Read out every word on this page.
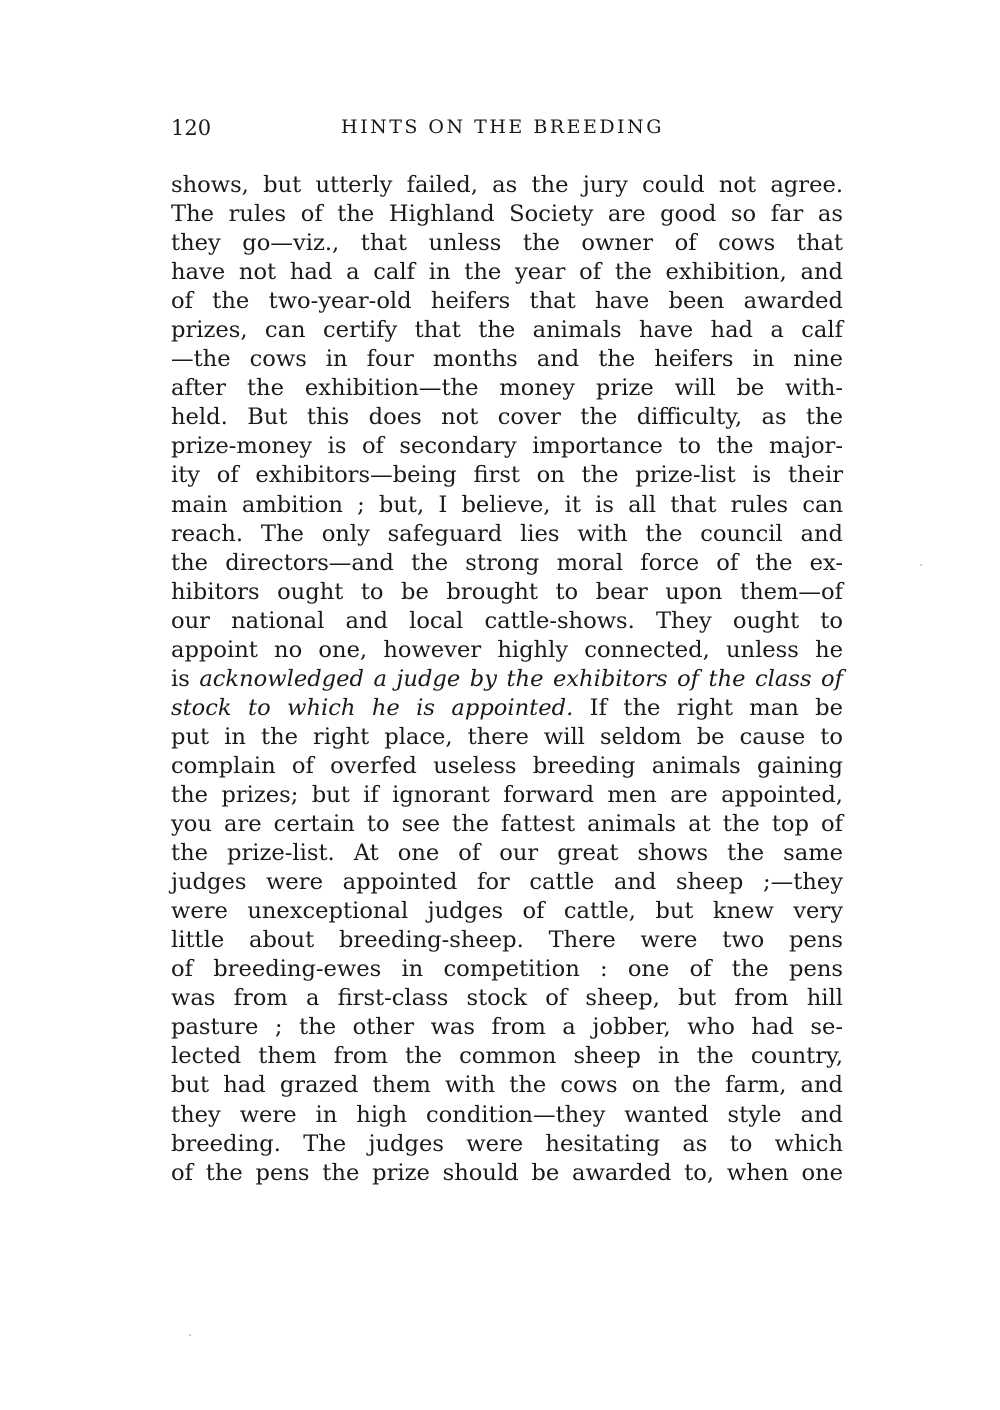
120	HINTS ON THE BREEDING
shows, but utterly failed, as the jury could not agree.
The rules of the Highland Society are good so far as
they go—viz., that unless the owner of cows that
have not had a calf in the year of the exhibition, and
of the two-year-old heifers that have been awarded
prizes, can certify that the animals have had a calf
—the cows in four months and the heifers in nine
after the exhibition—the money prize will be with-
held. But this does not cover the difficulty, as the
prize-money is of secondary importance to the major-
ity of exhibitors—being first on the prize-list is their
main ambition ; but, I believe, it is all that rules can
reach. The only safeguard lies with the council and
the directors—and the strong moral force of the ex-
hibitors ought to be brought to bear upon them—of
our national and local cattle-shows. They ought to
appoint no one, however highly connected, unless he
is acknowledged a judge by the exhibitors of the class of
stock to which he is appointed. If the right man be
put in the right place, there will seldom be cause to
complain of overfed useless breeding animals gaining
the prizes; but if ignorant forward men are appointed,
you are certain to see the fattest animals at the top of
the prize-list. At one of our great shows the same
judges were appointed for cattle and sheep ;—they
were unexceptional judges of cattle, but knew very
little about breeding-sheep. There were two pens
of breeding-ewes in competition : one of the pens
was from a first-class stock of sheep, but from hill
pasture ; the other was from a jobber, who had se-
lected them from the common sheep in the country,
but had grazed them with the cows on the farm, and
they were in high condition—they wanted style and
breeding. The judges were hesitating as to which
of the pens the prize should be awarded to, when one
